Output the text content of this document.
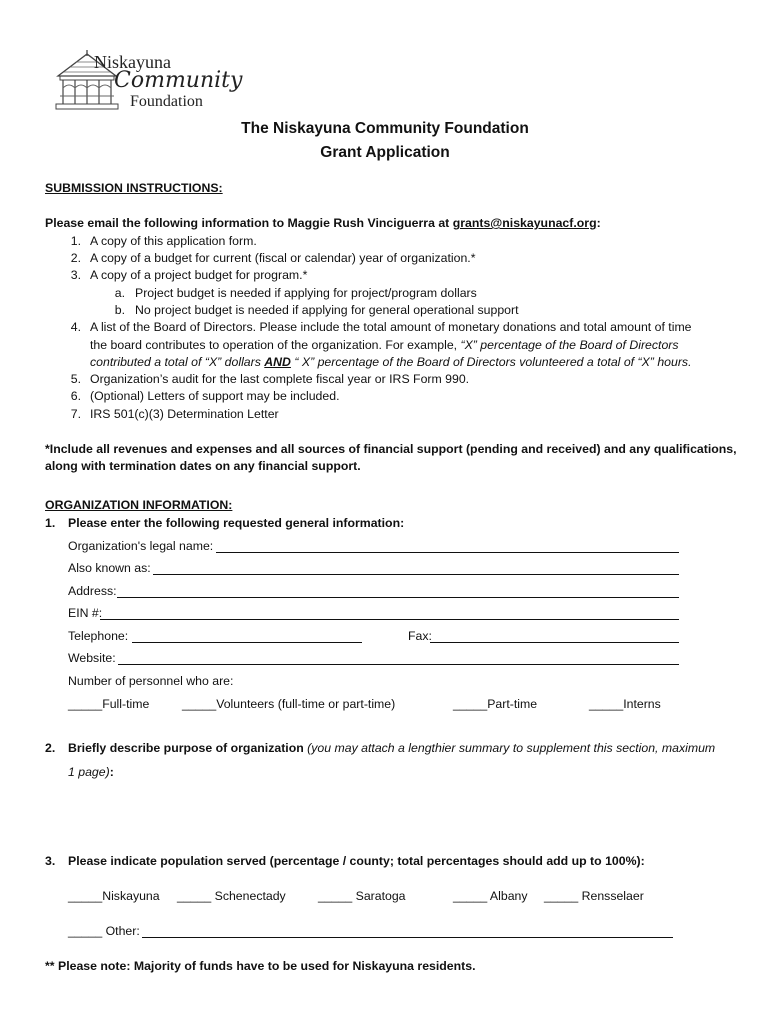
Niskayuna
Community
Foundation
The Niskayuna Community Foundation
Grant Application
SUBMISSION INSTRUCTIONS:
Please email the following information to Maggie Rush Vinciguerra at grants@niskayunacf.org:
1. A copy of this application form.
2. A copy of a budget for current (fiscal or calendar) year of organization.*
3. A copy of a project budget for program.*
a. Project budget is needed if applying for project/program dollars
b. No project budget is needed if applying for general operational support
4. A list of the Board of Directors. Please include the total amount of monetary donations and total amount of time
the board contributes to operation of the organization. For example, “X” percentage of the Board of Directors
contributed a total of “X” dollars AND “ X” percentage of the Board of Directors volunteered a total of “X” hours.
5. Organization’s audit for the last complete fiscal year or IRS Form 990.
6. (Optional) Letters of support may be included.
7. IRS 501(c)(3) Determination Letter
*Include all revenues and expenses and all sources of financial support (pending and received) and any qualifications,
along with termination dates on any financial support.
ORGANIZATION INFORMATION:
1. Please enter the following requested general information:
Organization's legal name:
Also known as:
Address:
EIN #:
Telephone:	Fax:
Website:
Number of personnel who are:
_____Full-time	_____Volunteers (full-time or part-time)	_____Part-time	_____Interns
2. Briefly describe purpose of organization (you may attach a lengthier summary to supplement this section, maximum
1 page):
3. Please indicate population served (percentage / county; total percentages should add up to 100%):
_____Niskayuna _____ Schenectady	_____ Saratoga	_____ Albany _____ Rensselaer
_____ Other:
** Please note: Majority of funds have to be used for Niskayuna residents.
